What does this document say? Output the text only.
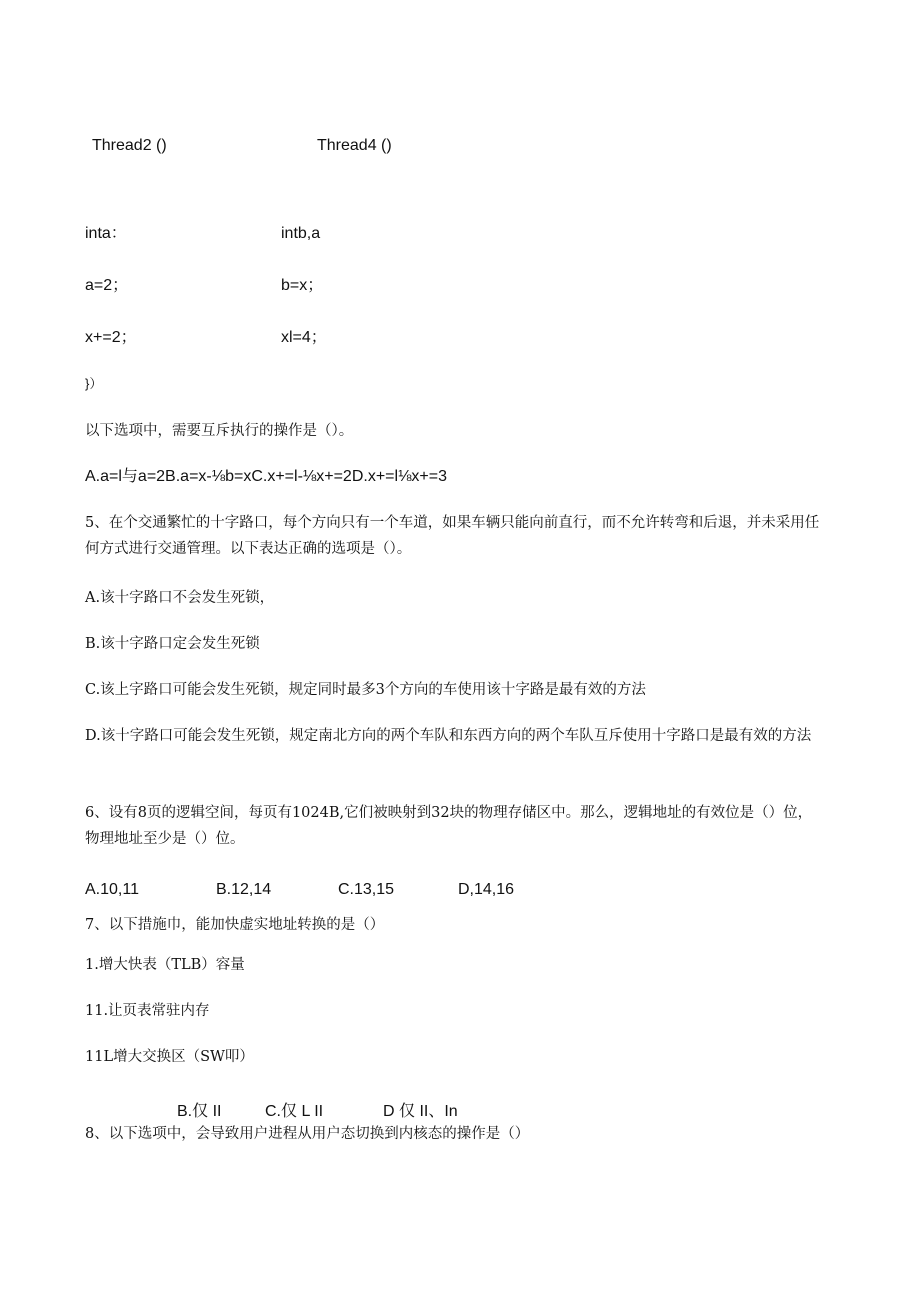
Thread2 ()	Thread4 ()
inta：	intb,a
a=2；	b=x；
x+=2；	xl=4；
}）
以下选项中，需要互斥执行的操作是（）。
A.a=l与a=2B.a=x-⅛b=xC.x+=l-⅛x+=2D.x+=l⅛x+=3
5、在个交通繁忙的十字路口，每个方向只有一个车道，如果车辆只能向前直行，而不允许转弯和后退，并未采用任何方式进行交通管理。以下表达正确的选项是（）。
A.该十字路口不会发生死锁，
B.该十字路口定会发生死锁
C.该上字路口可能会发生死锁，规定同时最多3个方向的车使用该十字路是最有效的方法
D.该十字路口可能会发生死锁，规定南北方向的两个车队和东西方向的两个车队互斥使用十字路口是最有效的方法
6、设有8页的逻辑空间，每页有1024B,它们被映射到32块的物理存储区中。那么，逻辑地址的有效位是（）位，物理地址至少是（）位。
A.10,11	B.12,14	C.13,15	D,14,16
7、以下措施巾，能加快虚实地址转换的是（）
1.增大快表（TLB）容量
11.让页表常驻内存
11L增大交换区（SW叩）
B.仅 II	C.仅 L II	D 仅 II、In
8、以下选项中，会导致用户进程从用户态切换到内核态的操作是（）
